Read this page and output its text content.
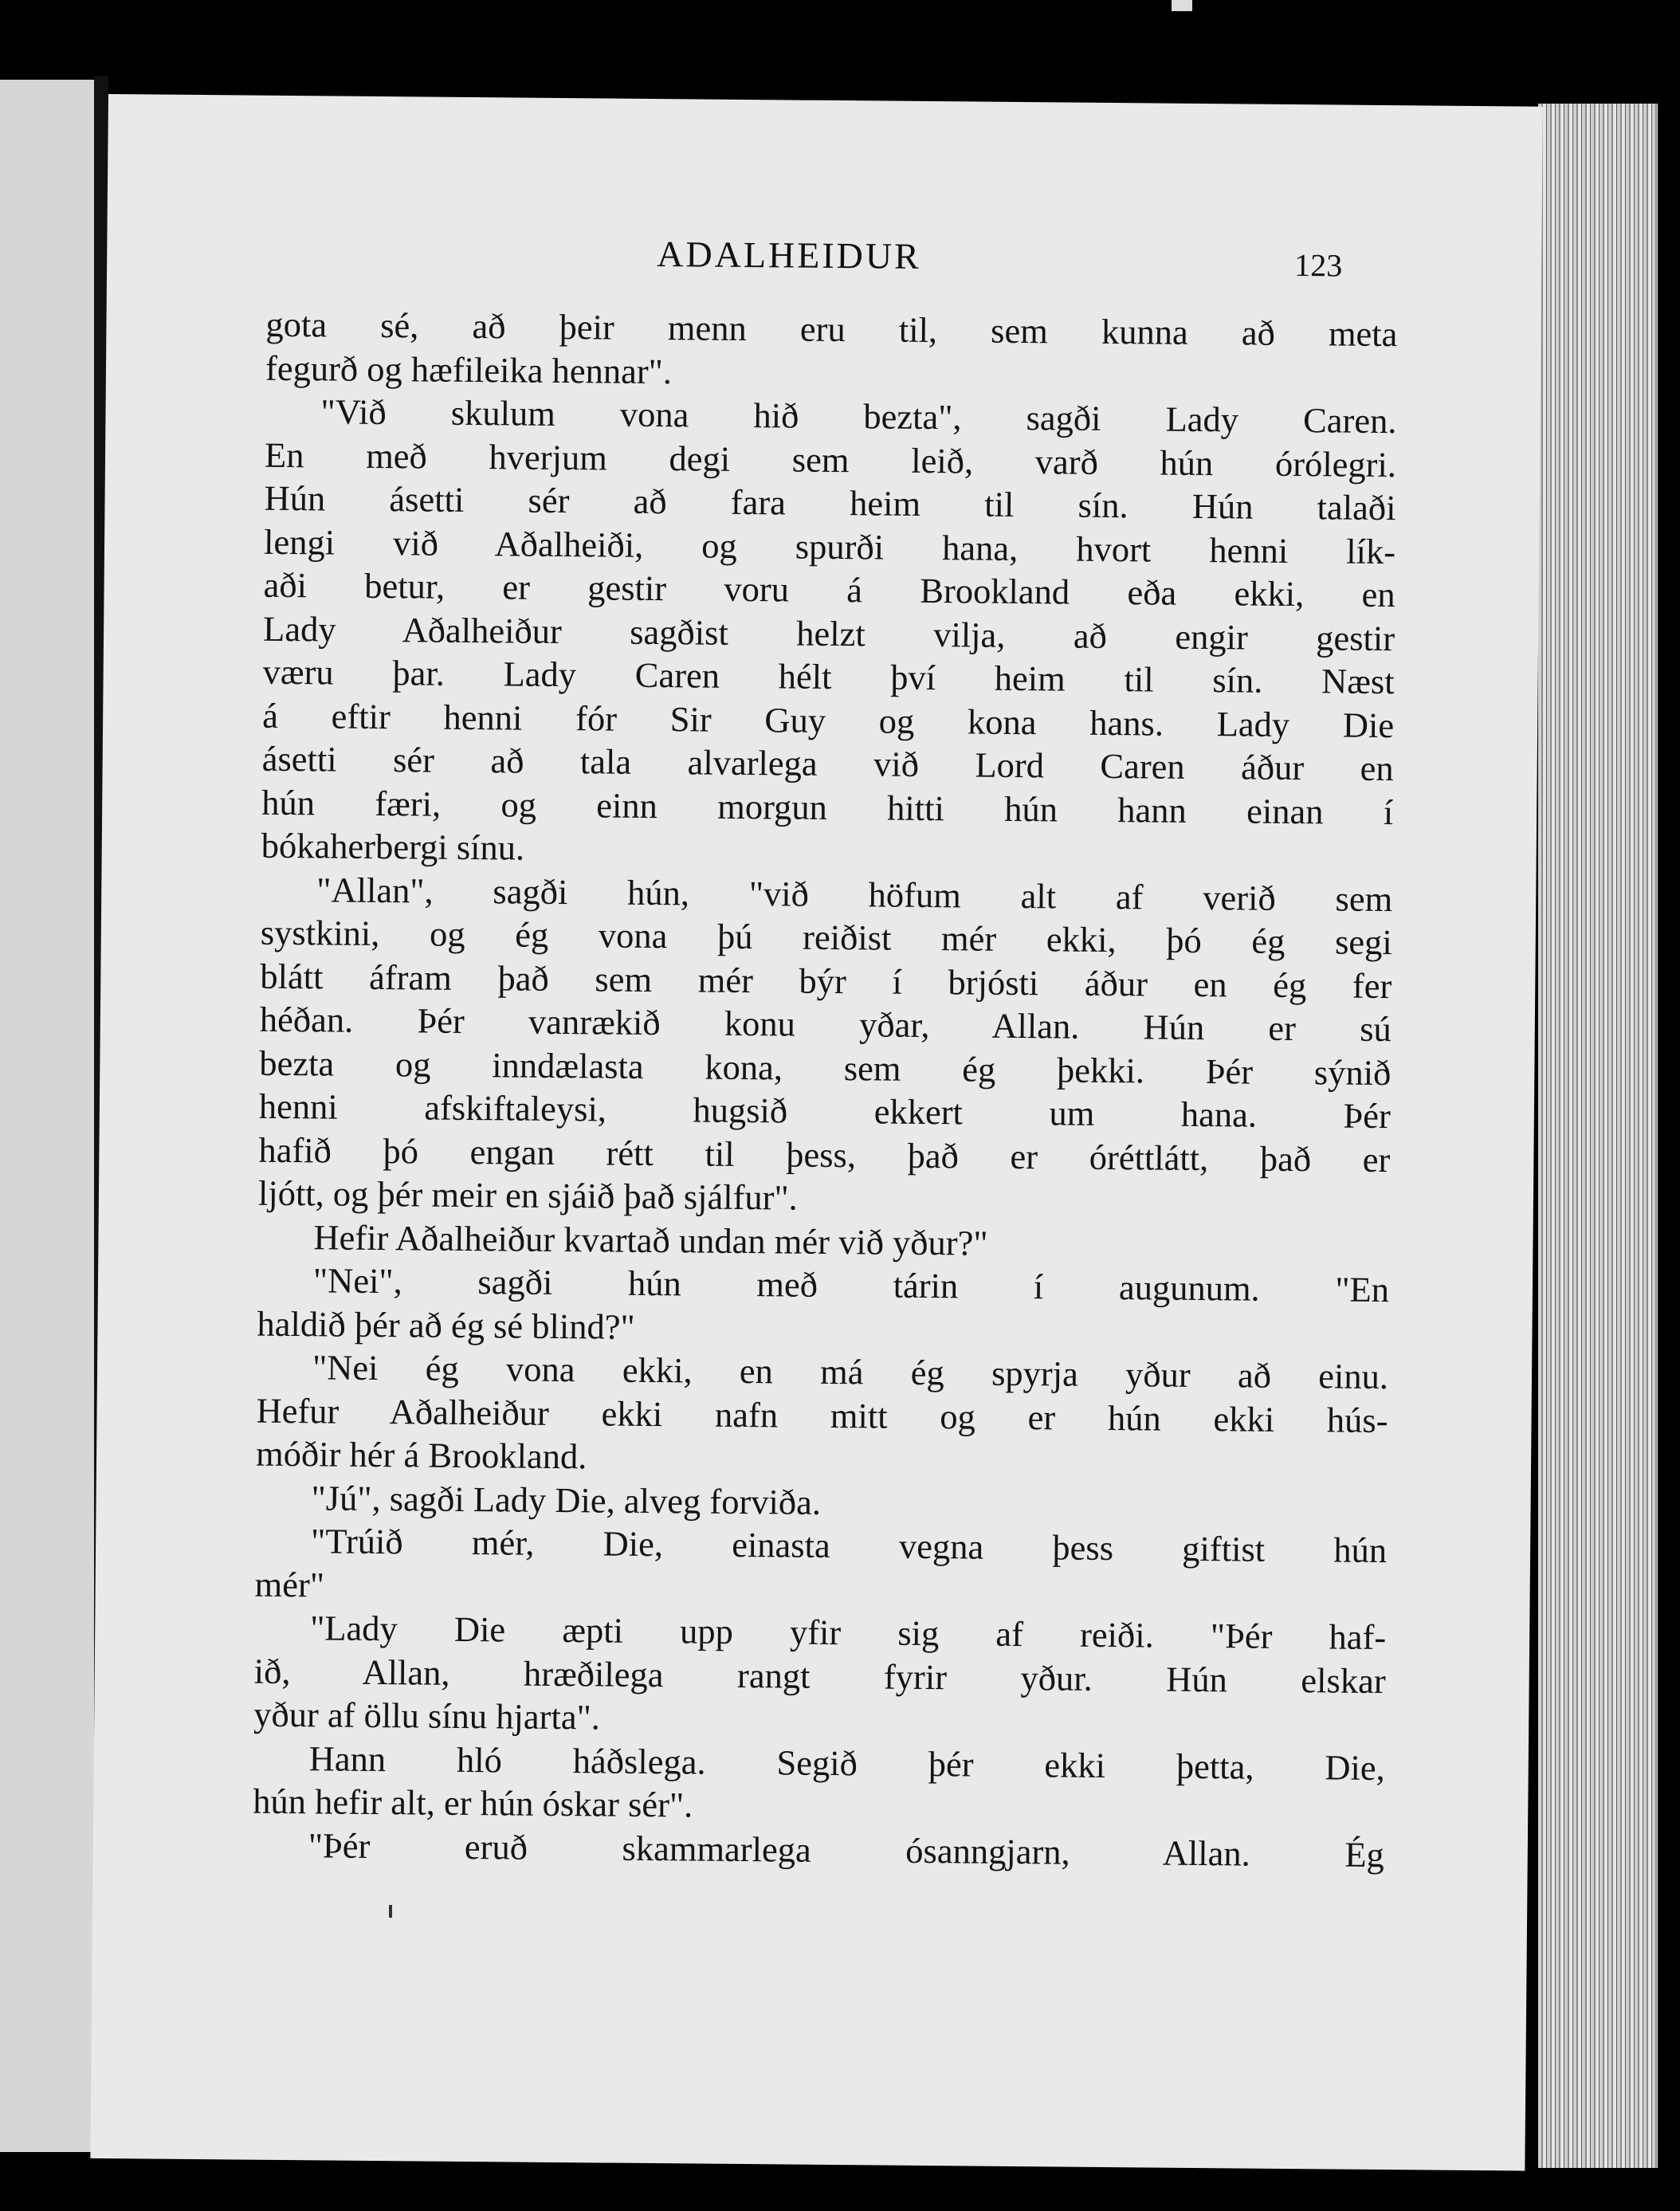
ADALHEIDUR	123

gota sé, að þeir menn eru til, sem kunna að meta

fegurð og hæfileika hennar".

"Við skulum vona hið bezta", sagði Lady Caren.

En með hverjum degi sem leið, varð hún órólegri.

Hún ásetti sér að fara heim til sín. Hún talaði

lengi við Aðalheiði, og spurði hana, hvort henni lík-

aði betur, er gestir voru á Brookland eða ekki, en

Lady Aðalheiður sagðist helzt vilja, að engir gestir

væru þar. Lady Caren hélt því heim til sín. Næst

á eftir henni fór Sir Guy og kona hans. Lady Die

ásetti sér að tala alvarlega við Lord Caren áður en

hún færi, og einn morgun hitti hún hann einan í

bókaherbergi sínu.

"Allan", sagði hún, "við höfum alt af verið sem

systkini, og ég vona þú reiðist mér ekki, þó ég segi

blátt áfram það sem mér býr í brjósti áður en ég fer

héðan. Þér vanrækið konu yðar, Allan. Hún er sú

bezta og inndælasta kona, sem ég þekki. Þér sýnið

henni afskiftaleysi, hugsið ekkert um hana. Þér

hafið þó engan rétt til þess, það er óréttlátt, það er

ljótt, og þér meir en sjáið það sjálfur".

Hefir Aðalheiður kvartað undan mér við yður?"

"Nei", sagði hún með tárin í augunum. "En

haldið þér að ég sé blind?"

"Nei ég vona ekki, en má ég spyrja yður að einu.

Hefur Aðalheiður ekki nafn mitt og er hún ekki hús-

móðir hér á Brookland.

"Jú", sagði Lady Die, alveg forviða.

"Trúið mér, Die, einasta vegna þess giftist hún

mér"

"Lady Die æpti upp yfir sig af reiði. "Þér haf-

ið, Allan, hræðilega rangt fyrir yður. Hún elskar

yður af öllu sínu hjarta".

Hann hló háðslega. Segið þér ekki þetta, Die,

hún hefir alt, er hún óskar sér".

"Þér eruð skammarlega ósanngjarn, Allan. Ég
